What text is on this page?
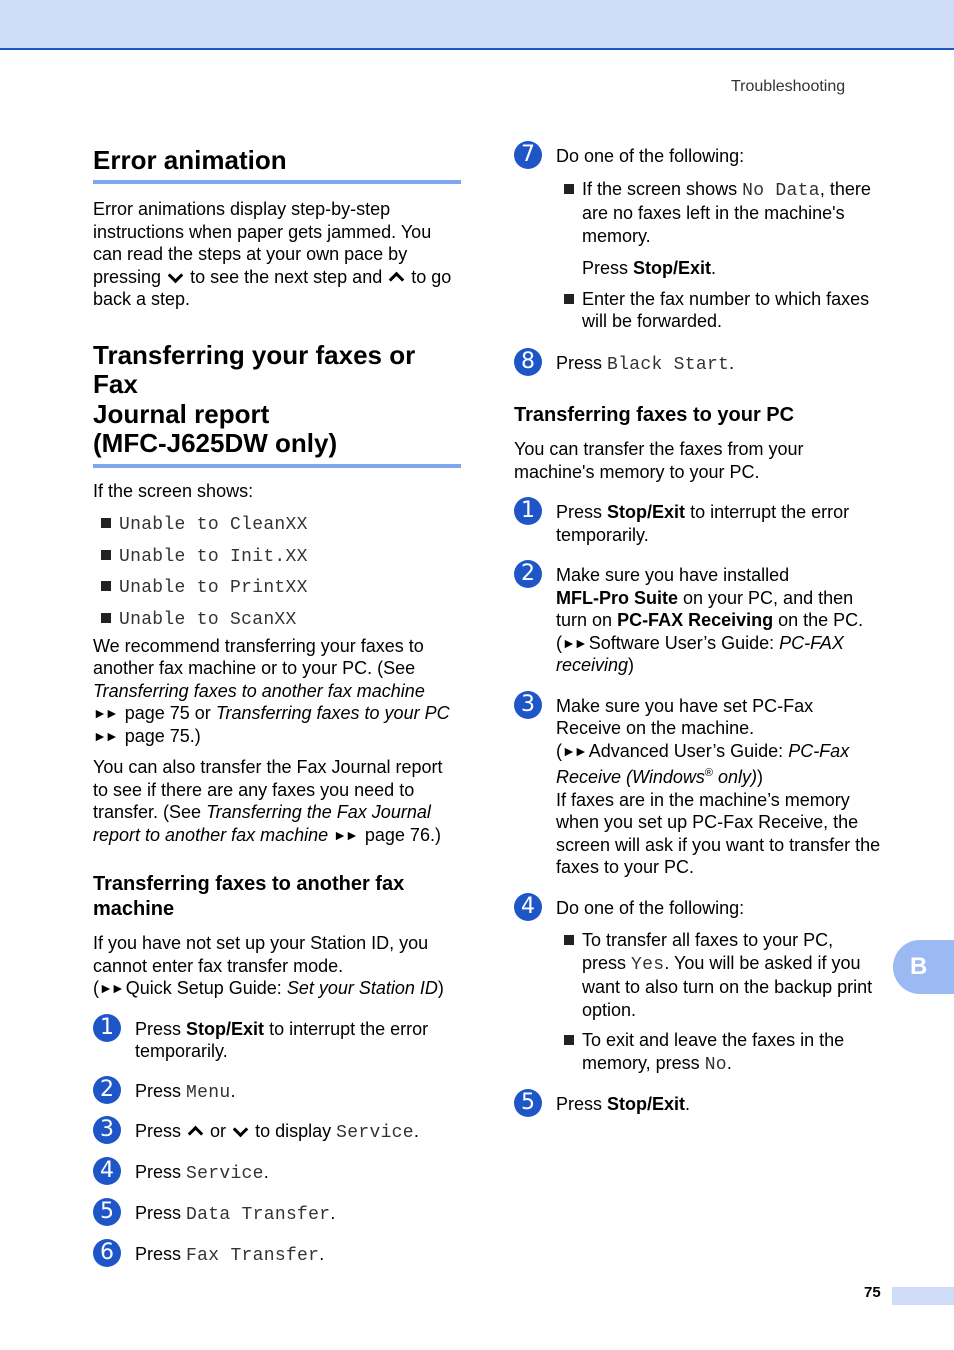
Troubleshooting
Error animation

Error animations display step-by-step instructions when paper gets jammed. You can read the steps at your own pace by pressing to see the next step and to go back a step.

Transferring your faxes or Fax
Journal report
(MFC-J625DW only)

If the screen shows:

Unable to CleanXX
Unable to Init.XX
Unable to PrintXX
Unable to ScanXX

We recommend transferring your faxes to another fax machine or to your PC. (See Transferring faxes to another fax machine
►► page 75 or Transferring faxes to your PC
►► page 75.)

You can also transfer the Fax Journal report to see if there are any faxes you need to transfer. (See Transferring the Fax Journal report to another fax machine ►► page 76.)

Transferring faxes to another fax machine

If you have not set up your Station ID, you cannot enter fax transfer mode.
(►► Quick Setup Guide: Set your Station ID)

1	Press Stop/Exit to interrupt the error temporarily.
2	Press Menu.
3	Press or to display Service.
4	Press Service.
5	Press Data Transfer.
6	Press Fax Transfer.
7	Do one of the following:

If the screen shows No Data, there are no faxes left in the machine's memory.

Press Stop/Exit.

Enter the fax number to which faxes will be forwarded.
8	Press Black Start.
Transferring faxes to your PC

You can transfer the faxes from your machine's memory to your PC.

1	Press Stop/Exit to interrupt the error temporarily.
2	Make sure you have installed
MFL-Pro Suite on your PC, and then turn on PC-FAX Receiving on the PC.
(►► Software User’s Guide: PC-FAX receiving)
3	Make sure you have set PC-Fax Receive on the machine.
(►► Advanced User’s Guide: PC-Fax Receive (Windows® only))
If faxes are in the machine’s memory when you set up PC-Fax Receive, the screen will ask if you want to transfer the faxes to your PC.
4	Do one of the following:

To transfer all faxes to your PC, press Yes. You will be asked if you want to also turn on the backup print option.
To exit and leave the faxes in the memory, press No.
5	Press Stop/Exit.
B
75
